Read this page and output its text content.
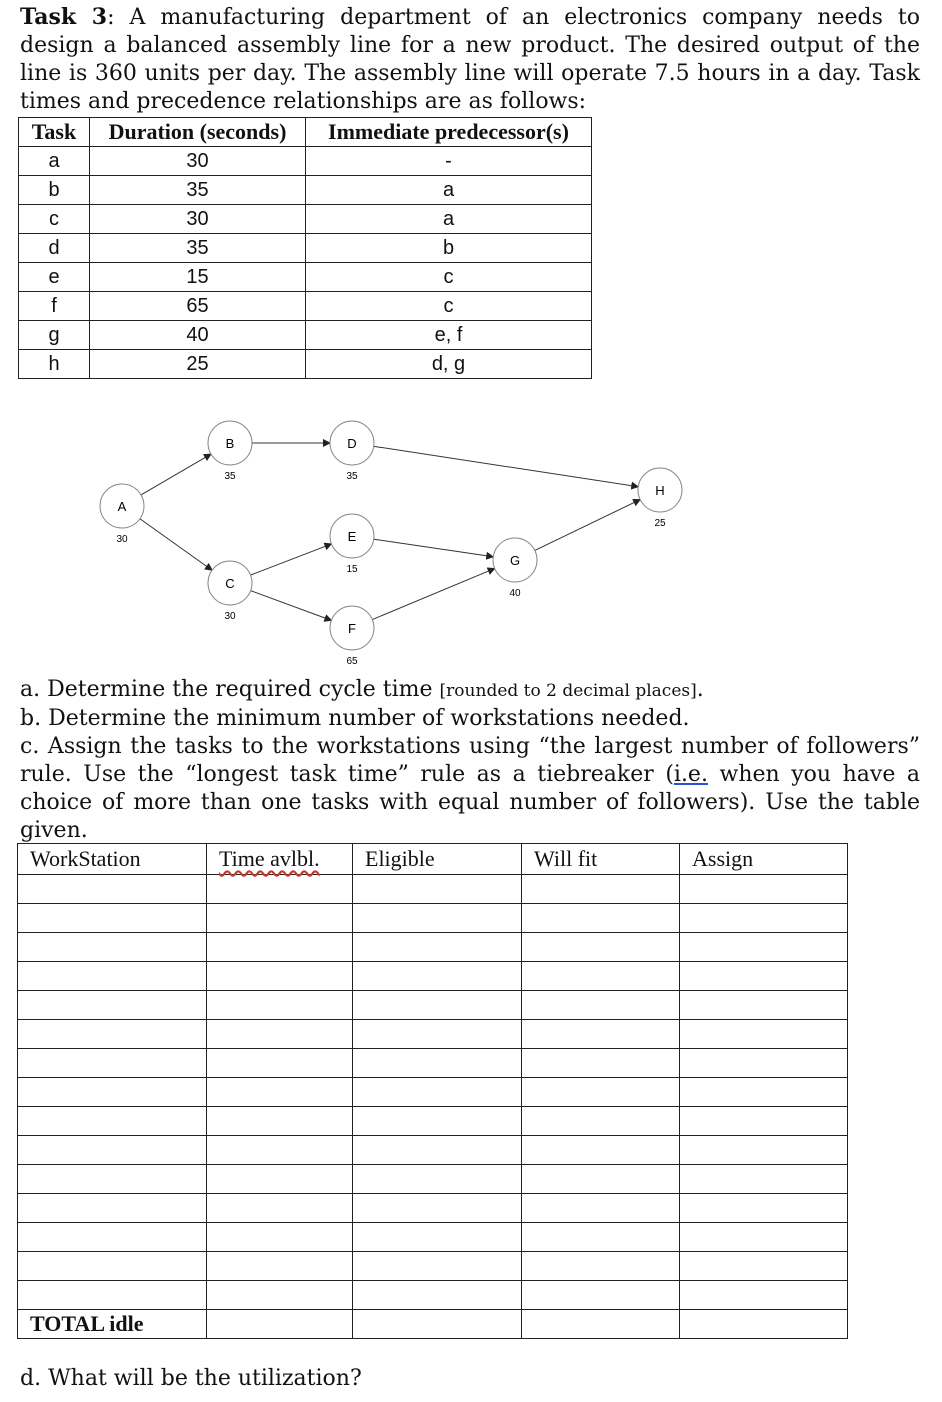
Task 3: A manufacturing department of an electronics company needs to design a balanced assembly line for a new product. The desired output of the line is 360 units per day. The assembly line will operate 7.5 hours in a day. Task times and precedence relationships are as follows:

Task	Duration (seconds)	Immediate predecessor(s)
a	30	-
b	35	a
c	30	a
d	35	b
e	15	c
f	65	c
g	40	e, f
h	25	d, g
A
30
B
35
C
30
D
35
E
15
F
65
G
40
H
25

a. Determine the required cycle time [rounded to 2 decimal places].

b. Determine the minimum number of workstations needed.

c. Assign the tasks to the workstations using “the largest number of followers” rule. Use the “longest task time” rule as a tiebreaker (i.e. when you have a choice of more than one tasks with equal number of followers). Use the table given.

WorkStation	Time avlbl.	Eligible	Will fit	Assign

TOTAL idle				

d. What will be the utilization?
